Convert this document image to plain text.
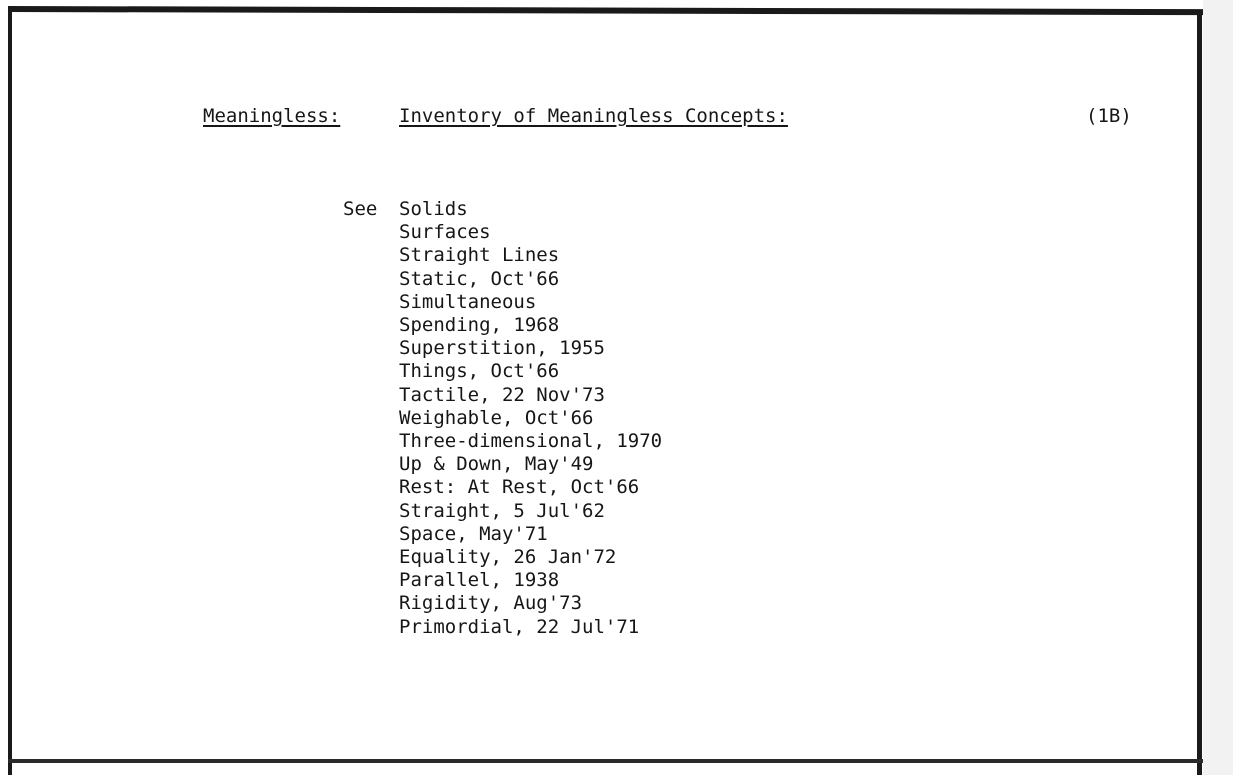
Meaningless:	Inventory of Meaningless Concepts:	(1B)
See Solids
Surfaces
Straight Lines
Static, Oct'66
Simultaneous
Spending, 1968
Superstition, 1955
Things, Oct'66
Tactile, 22 Nov'73
Weighable, Oct'66
Three-dimensional, 1970
Up & Down, May'49
Rest: At Rest, Oct'66
Straight, 5 Jul'62
Space, May'71
Equality, 26 Jan'72
Parallel, 1938
Rigidity, Aug'73
Primordial, 22 Jul'71
